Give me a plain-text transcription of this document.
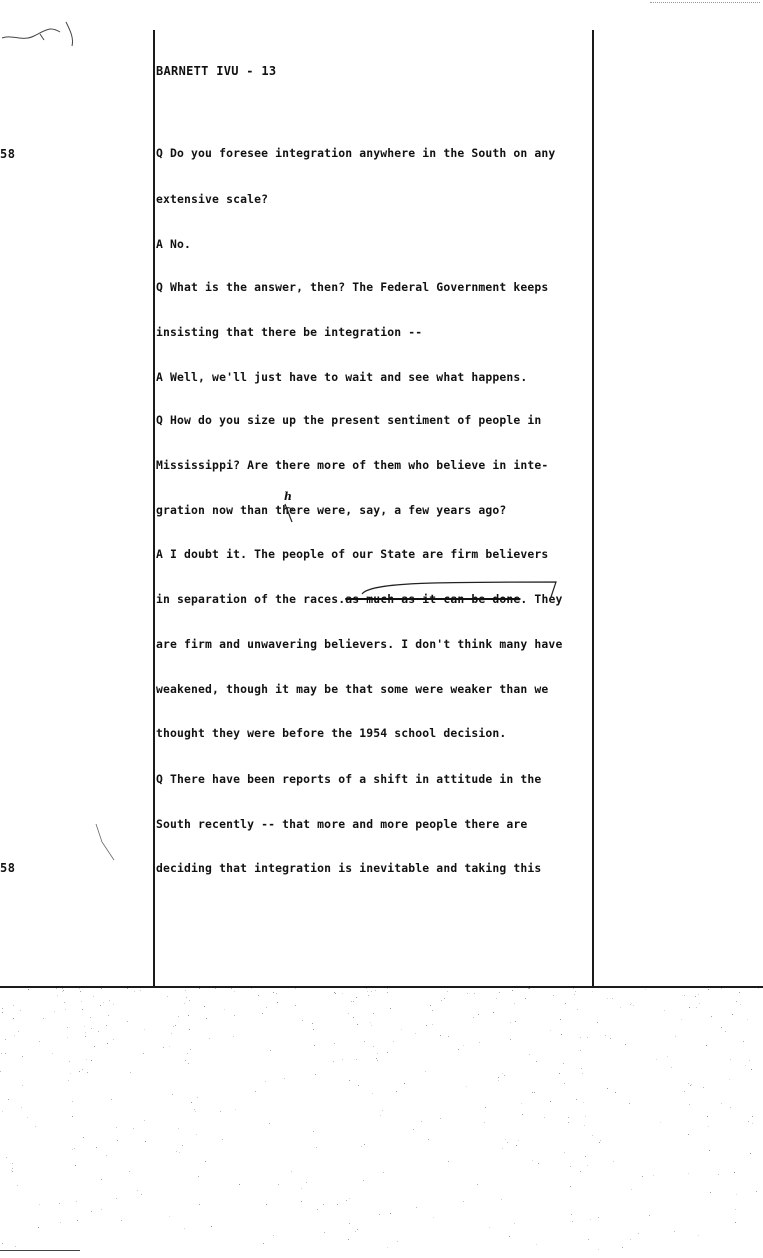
58
58
BARNETT IVU - 13
Q Do you foresee integration anywhere in the South on any
extensive scale?
A No.
Q What is the answer, then? The Federal Government keeps
insisting that there be integration --
A Well, we'll just have to wait and see what happens.
Q How do you size up the present sentiment of people in
Mississippi? Are there more of them who believe in inte-
gration now than there were, say, a few years ago?
h
A I doubt it. The people of our State are firm believers
in separation of the races.as much as it can be done. They
are firm and unwavering believers. I don't think many have
weakened, though it may be that some were weaker than we
thought they were before the 1954 school decision.
Q There have been reports of a shift in attitude in the
South recently -- that more and more people there are
deciding that integration is inevitable and taking this
